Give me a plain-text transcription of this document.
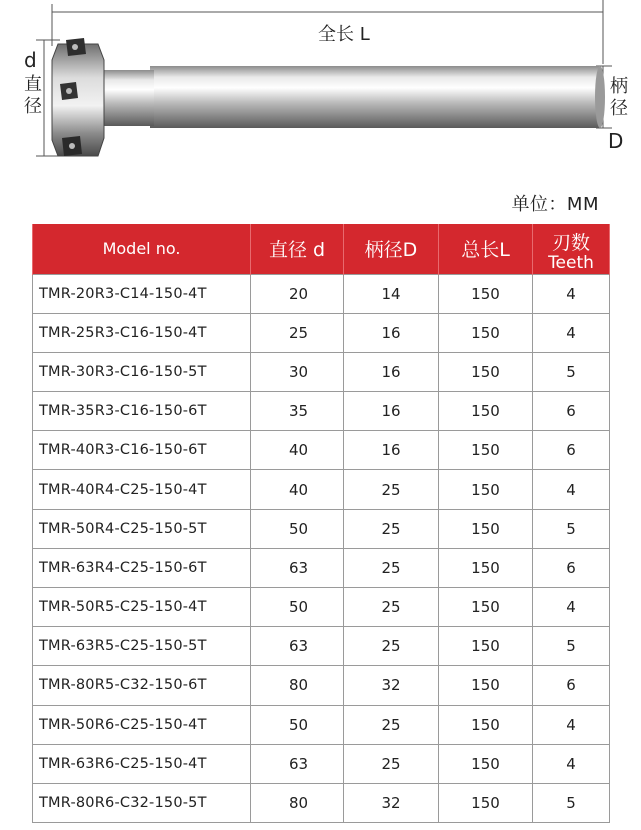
全长 L
d
直
径
柄
径
D
单位：MM
Model no.	直径 d	柄径D	总长L	刃数
Teeth

TMR-20R3-C14-150-4T	20	14	150	4
TMR-25R3-C16-150-4T	25	16	150	4
TMR-30R3-C16-150-5T	30	16	150	5
TMR-35R3-C16-150-6T	35	16	150	6
TMR-40R3-C16-150-6T	40	16	150	6
TMR-40R4-C25-150-4T	40	25	150	4
TMR-50R4-C25-150-5T	50	25	150	5
TMR-63R4-C25-150-6T	63	25	150	6
TMR-50R5-C25-150-4T	50	25	150	4
TMR-63R5-C25-150-5T	63	25	150	5
TMR-80R5-C32-150-6T	80	32	150	6
TMR-50R6-C25-150-4T	50	25	150	4
TMR-63R6-C25-150-4T	63	25	150	4
TMR-80R6-C32-150-5T	80	32	150	5
